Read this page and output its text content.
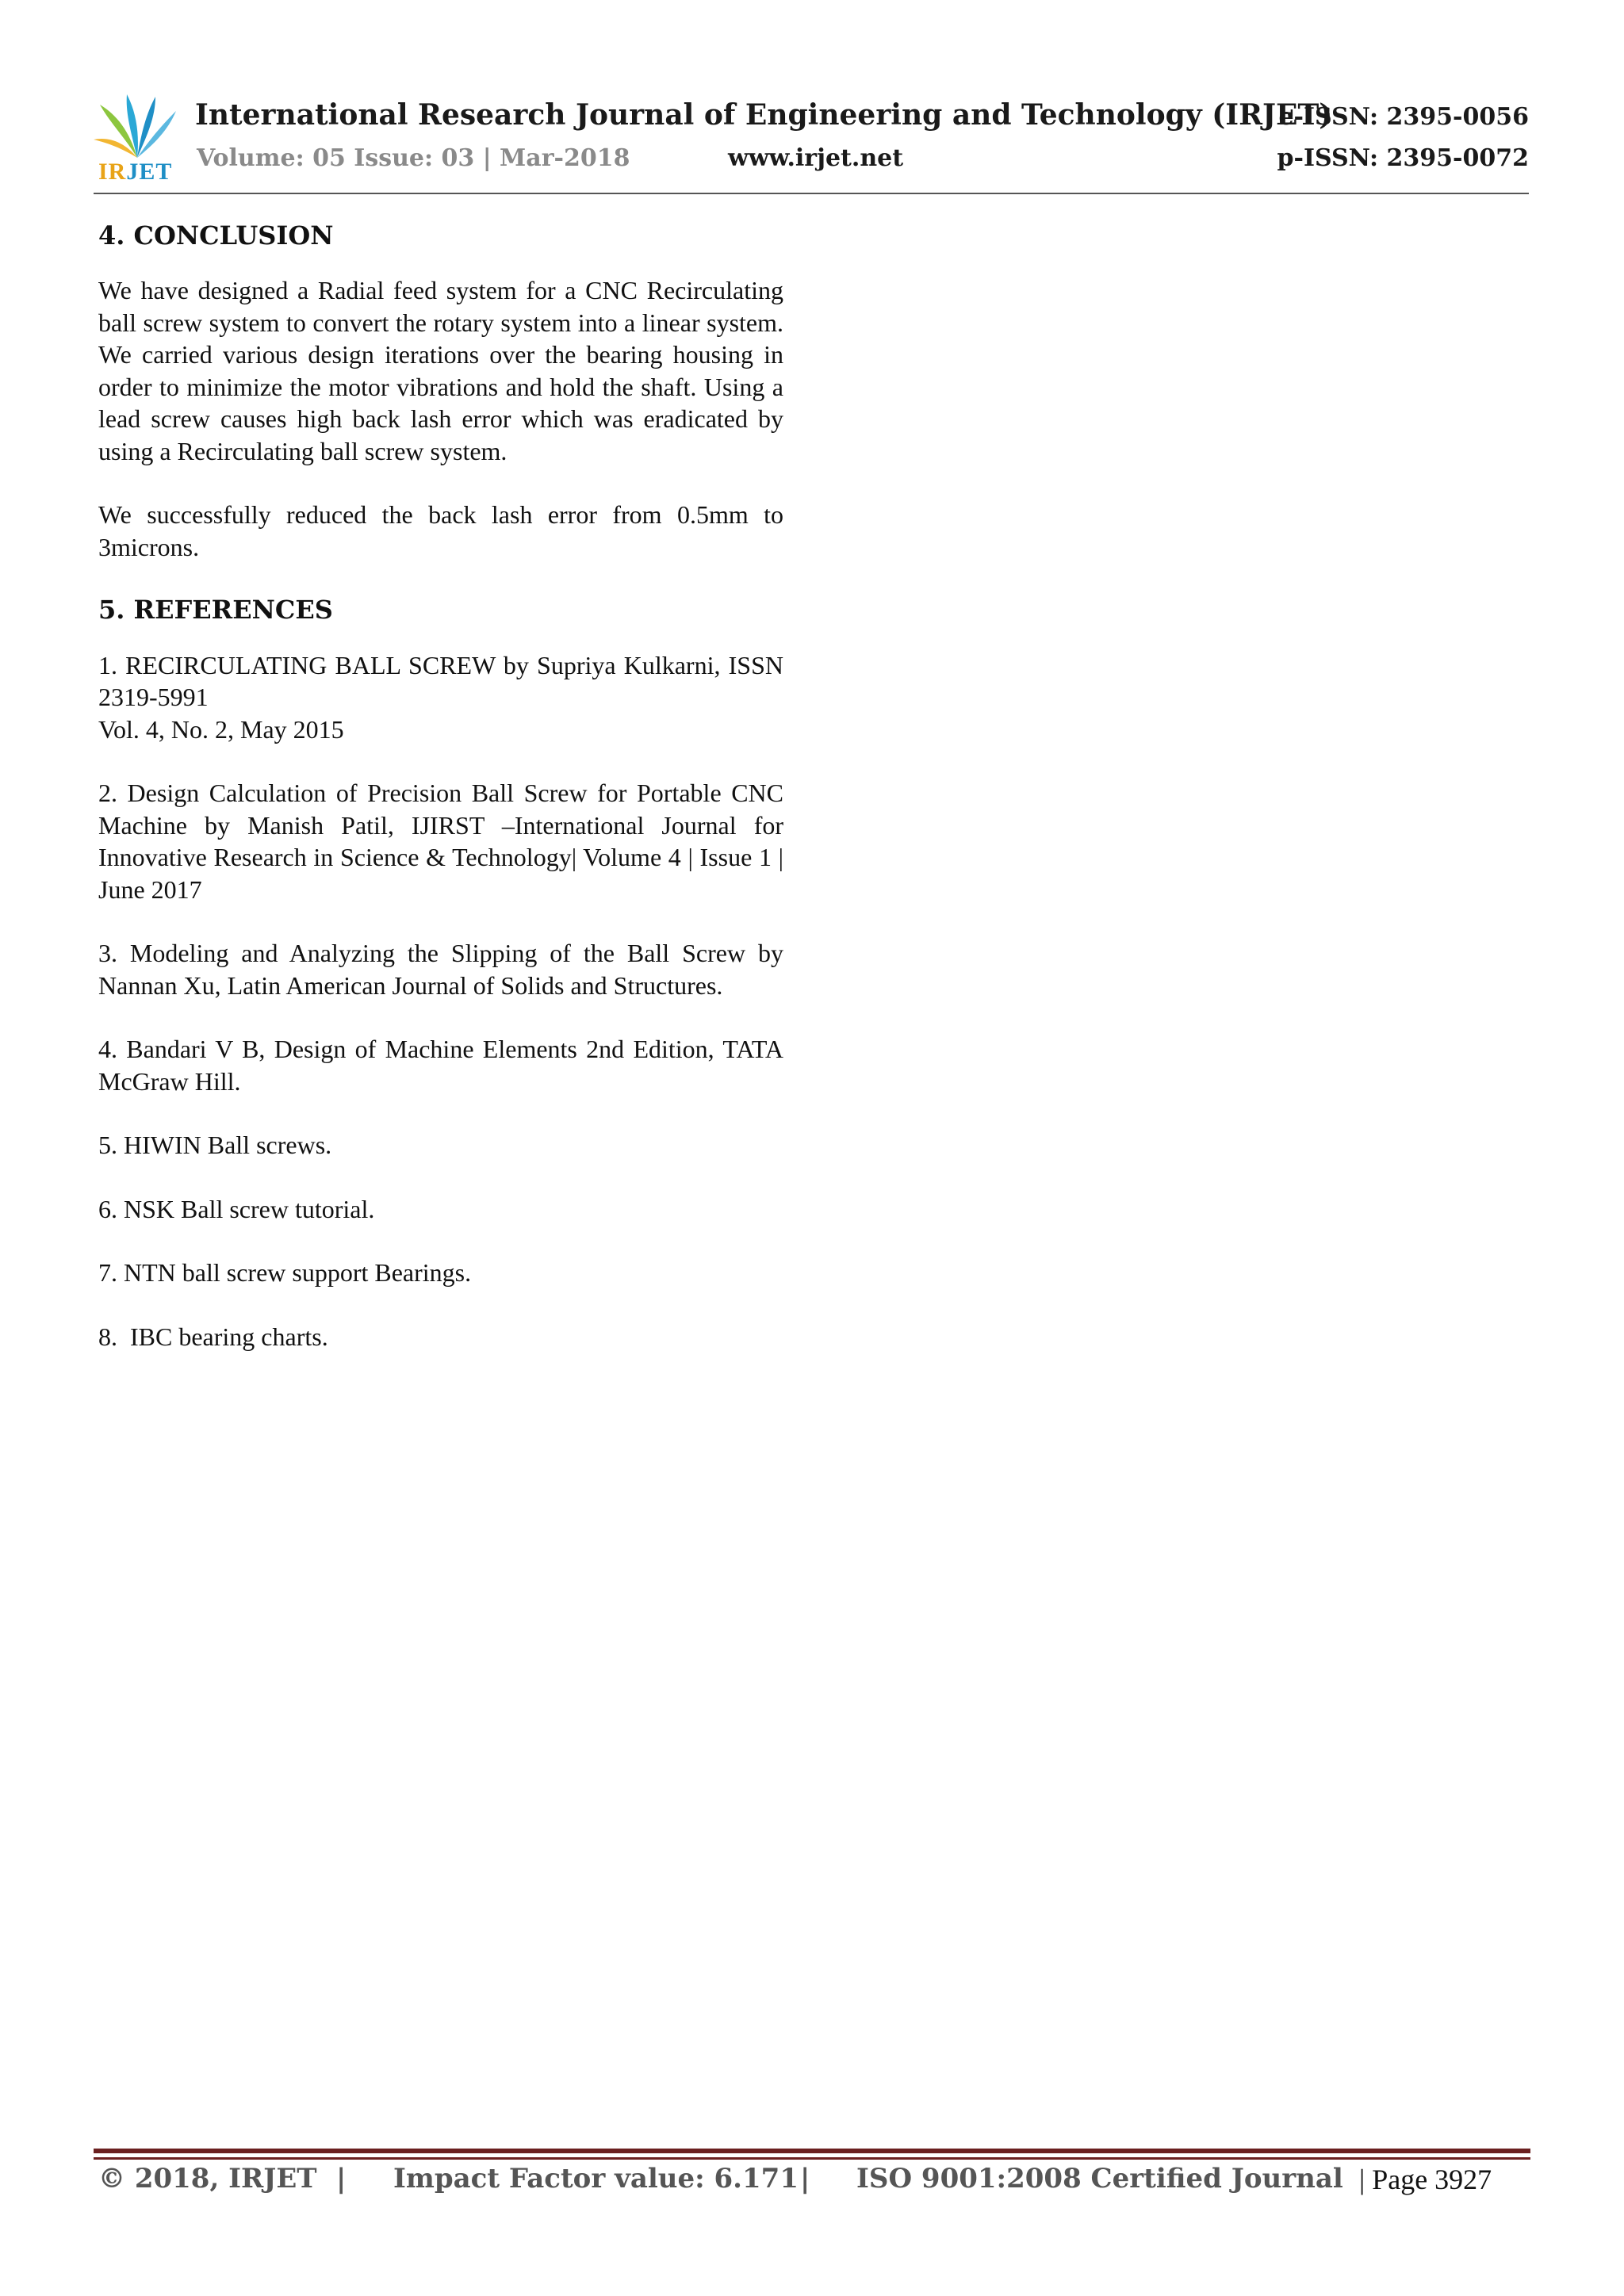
IRJET
International Research Journal of Engineering and Technology (IRJET)
Volume: 05 Issue: 03 | Mar-2018	www.irjet.net
e-ISSN: 2395-0056
p-ISSN: 2395-0072
4. CONCLUSION

We have designed a Radial feed system for a CNC Recirculating ball screw system to convert the rotary system into a linear system. We carried various design iterations over the bearing housing in order to minimize the motor vibrations and hold the shaft. Using a lead screw causes high back lash error which was eradicated by using a Recirculating ball screw system.

We successfully reduced the back lash error from 0.5mm to 3microns.

5. REFERENCES

1. RECIRCULATING BALL SCREW by Supriya Kulkarni, ISSN 2319-5991
Vol. 4, No. 2, May 2015

2. Design Calculation of Precision Ball Screw for Portable CNC Machine by Manish Patil, IJIRST –International Journal for Innovative Research in Science & Technology| Volume 4 | Issue 1 | June 2017

3. Modeling and Analyzing the Slipping of the Ball Screw by Nannan Xu, Latin American Journal of Solids and Structures.

4. Bandari V B, Design of Machine Elements 2nd Edition, TATA McGraw Hill.

5. HIWIN Ball screws.

6. NSK Ball screw tutorial.

7. NTN ball screw support Bearings.

8.  IBC bearing charts.

© 2018, IRJET | Impact Factor value: 6.171 | ISO 9001:2008 Certified Journal | Page 3927
